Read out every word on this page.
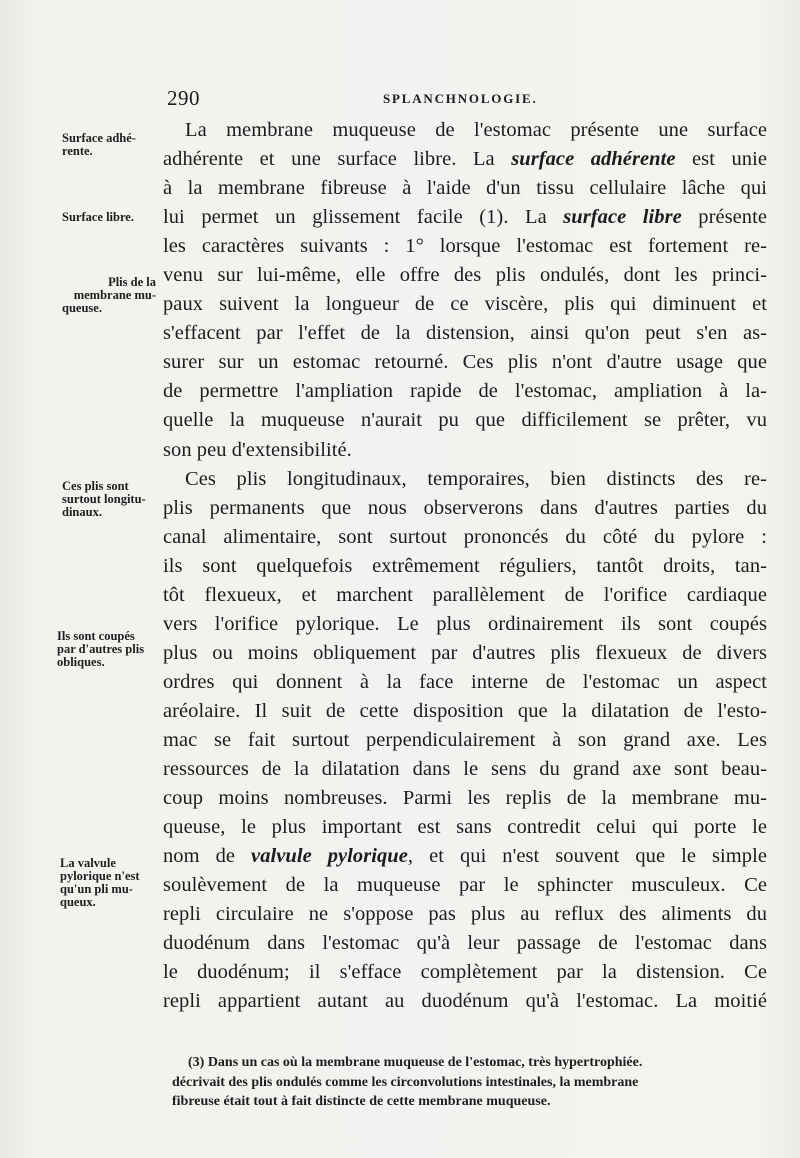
290	SPLANCHNOLOGIE.
Surface adhé-
rente.
Surface libre.
Plis de la
membrane mu-
queuse.
Ces plis sont
surtout longitu-
dinaux.
Ils sont coupés
par d'autres plis
obliques.
La valvule
pylorique n'est
qu'un pli mu-
queux.
La membrane muqueuse de l'estomac présente une surface
adhérente et une surface libre. La surface adhérente est unie
à la membrane fibreuse à l'aide d'un tissu cellulaire lâche qui
lui permet un glissement facile (1). La surface libre présente
les caractères suivants : 1° lorsque l'estomac est fortement re-
venu sur lui-même, elle offre des plis ondulés, dont les princi-
paux suivent la longueur de ce viscère, plis qui diminuent et
s'effacent par l'effet de la distension, ainsi qu'on peut s'en as-
surer sur un estomac retourné. Ces plis n'ont d'autre usage que
de permettre l'ampliation rapide de l'estomac, ampliation à la-
quelle la muqueuse n'aurait pu que difficilement se prêter, vu
son peu d'extensibilité.
Ces plis longitudinaux, temporaires, bien distincts des re-
plis permanents que nous observerons dans d'autres parties du
canal alimentaire, sont surtout prononcés du côté du pylore :
ils sont quelquefois extrêmement réguliers, tantôt droits, tan-
tôt flexueux, et marchent parallèlement de l'orifice cardiaque
vers l'orifice pylorique. Le plus ordinairement ils sont coupés
plus ou moins obliquement par d'autres plis flexueux de divers
ordres qui donnent à la face interne de l'estomac un aspect
aréolaire. Il suit de cette disposition que la dilatation de l'esto-
mac se fait surtout perpendiculairement à son grand axe. Les
ressources de la dilatation dans le sens du grand axe sont beau-
coup moins nombreuses. Parmi les replis de la membrane mu-
queuse, le plus important est sans contredit celui qui porte le
nom de valvule pylorique, et qui n'est souvent que le simple
soulèvement de la muqueuse par le sphincter musculeux. Ce
repli circulaire ne s'oppose pas plus au reflux des aliments du
duodénum dans l'estomac qu'à leur passage de l'estomac dans
le duodénum; il s'efface complètement par la distension. Ce
repli appartient autant au duodénum qu'à l'estomac. La moitié
(3) Dans un cas où la membrane muqueuse de l'estomac, très hypertrophiée.
décrivait des plis ondulés comme les circonvolutions intestinales, la membrane
fibreuse était tout à fait distincte de cette membrane muqueuse.
